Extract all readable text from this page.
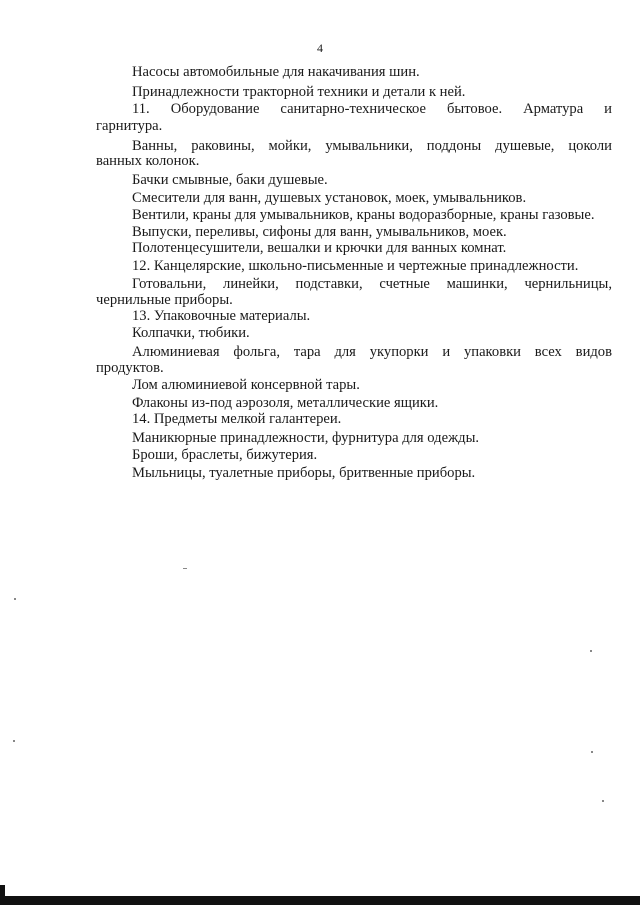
4
Насосы автомобильные для накачивания шин.
Принадлежности тракторной техники и детали к ней.
11. Оборудование санитарно-техническое бытовое. Арматура и
гарнитура.
Ванны, раковины, мойки, умывальники, поддоны душевые, цоколи
ванных колонок.
Бачки смывные, баки душевые.
Смесители для ванн, душевых установок, моек, умывальников.
Вентили, краны для умывальников, краны водоразборные, краны газовые.
Выпуски, переливы, сифоны для ванн, умывальников, моек.
Полотенцесушители, вешалки и крючки для ванных комнат.
12. Канцелярские, школьно-письменные и чертежные принадлежности.
Готовальни, линейки, подставки, счетные машинки, чернильницы,
чернильные приборы.
13. Упаковочные материалы.
Колпачки, тюбики.
Алюминиевая фольга, тара для укупорки и упаковки всех видов
продуктов.
Лом алюминиевой консервной тары.
Флаконы из-под аэрозоля, металлические ящики.
14. Предметы мелкой галантереи.
Маникюрные принадлежности, фурнитура для одежды.
Броши, браслеты, бижутерия.
Мыльницы, туалетные приборы, бритвенные приборы.
